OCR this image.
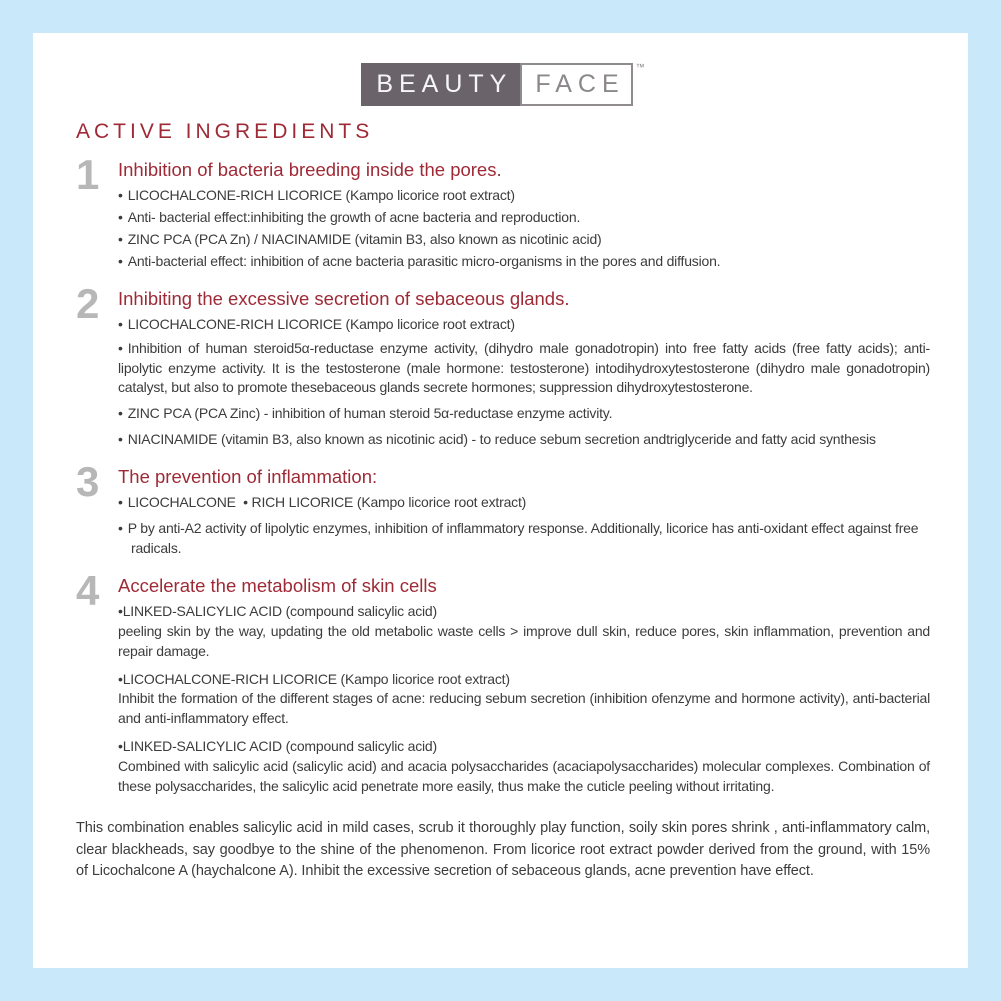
BEAUTY FACE
™
ACTIVE INGREDIENTS
1	Inhibition of bacteria breeding inside the pores.
• LICOCHALCONE-RICH LICORICE (Kampo licorice root extract)
• Anti- bacterial effect:inhibiting the growth of acne bacteria and reproduction.
• ZINC PCA (PCA Zn) / NIACINAMIDE (vitamin B3, also known as nicotinic acid)
• Anti-bacterial effect: inhibition of acne bacteria parasitic micro-organisms in the pores and diffusion.
2	Inhibiting the excessive secretion of sebaceous glands.
• LICOCHALCONE-RICH LICORICE (Kampo licorice root extract)
• Inhibition of human steroid5α-reductase enzyme activity, (dihydro male gonadotropin) into free fatty acids (free fatty acids); anti-lipolytic enzyme activity. It is the testosterone (male hormone: testosterone) intodihydroxytestosterone (dihydro male gonadotropin) catalyst, but also to promote thesebaceous glands secrete hormones; suppression dihydroxytestosterone.
• ZINC PCA (PCA Zinc) - inhibition of human steroid 5α-reductase enzyme activity.
• NIACINAMIDE (vitamin B3, also known as nicotinic acid) - to reduce sebum secretion andtriglyceride and fatty acid synthesis
3	The prevention of inflammation:
• LICOCHALCONE  • RICH LICORICE (Kampo licorice root extract)
• P by anti-A2 activity of lipolytic enzymes, inhibition of inflammatory response. Additionally, licorice has anti-oxidant effect against free radicals.
4	Accelerate the metabolism of skin cells
•LINKED-SALICYLIC ACID (compound salicylic acid)
peeling skin by the way, updating the old metabolic waste cells > improve dull skin, reduce pores, skin inflammation, prevention and repair damage.
•LICOCHALCONE-RICH LICORICE (Kampo licorice root extract)
Inhibit the formation of the different stages of acne: reducing sebum secretion (inhibition ofenzyme and hormone activity), anti-bacterial and anti-inflammatory effect.
•LINKED-SALICYLIC ACID (compound salicylic acid)
Combined with salicylic acid (salicylic acid) and acacia polysaccharides (acaciapolysaccharides) molecular complexes. Combination of these polysaccharides, the salicylic acid penetrate more easily, thus make the cuticle peeling without irritating.

This combination enables salicylic acid in mild cases, scrub it thoroughly play function, soily skin pores shrink , anti-inflammatory calm, clear blackheads, say goodbye to the shine of the phenomenon. From licorice root extract powder derived from the ground, with 15% of Licochalcone A (haychalcone A). Inhibit the excessive secretion of sebaceous glands, acne prevention have effect.
